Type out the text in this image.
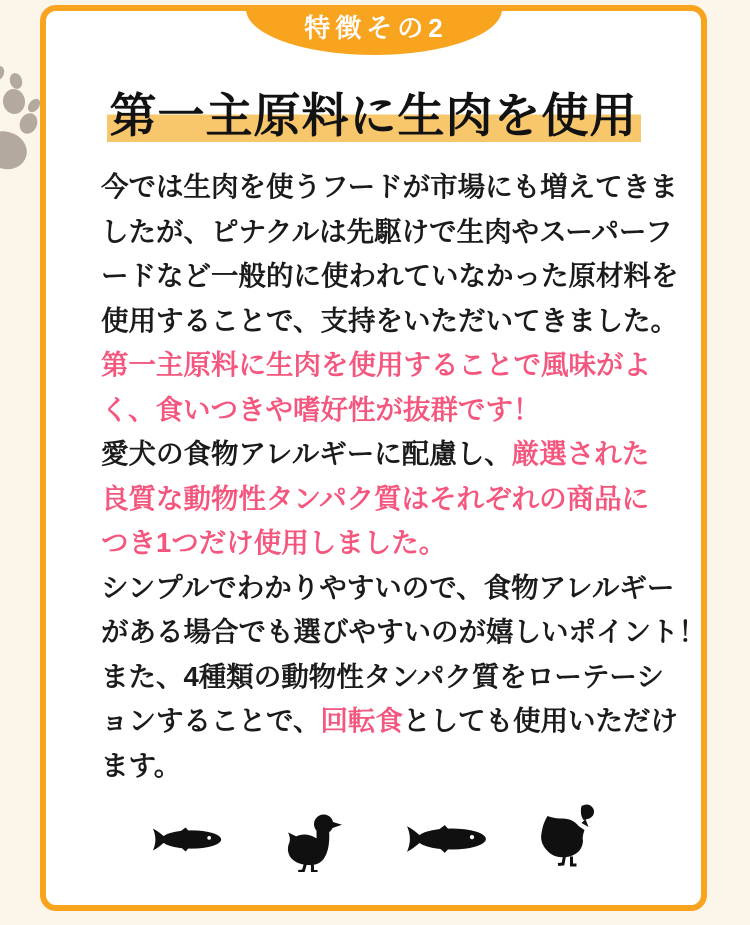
特徴その2
第一主原料に生肉を使用
今では生肉を使うフードが市場にも増えてきま
したが、ピナクルは先駆けで生肉やスーパーフ
ードなど一般的に使われていなかった原材料を
使用することで、支持をいただいてきました。
第一主原料に生肉を使用することで風味がよ
く、食いつきや嗜好性が抜群です！
愛犬の食物アレルギーに配慮し、厳選された
良質な動物性タンパク質はそれぞれの商品に
つき1つだけ使用しました。
シンプルでわかりやすいので、食物アレルギー
がある場合でも選びやすいのが嬉しいポイント！
また、4種類の動物性タンパク質をローテーシ
ョンすることで、回転食としても使用いただけ
ます。
